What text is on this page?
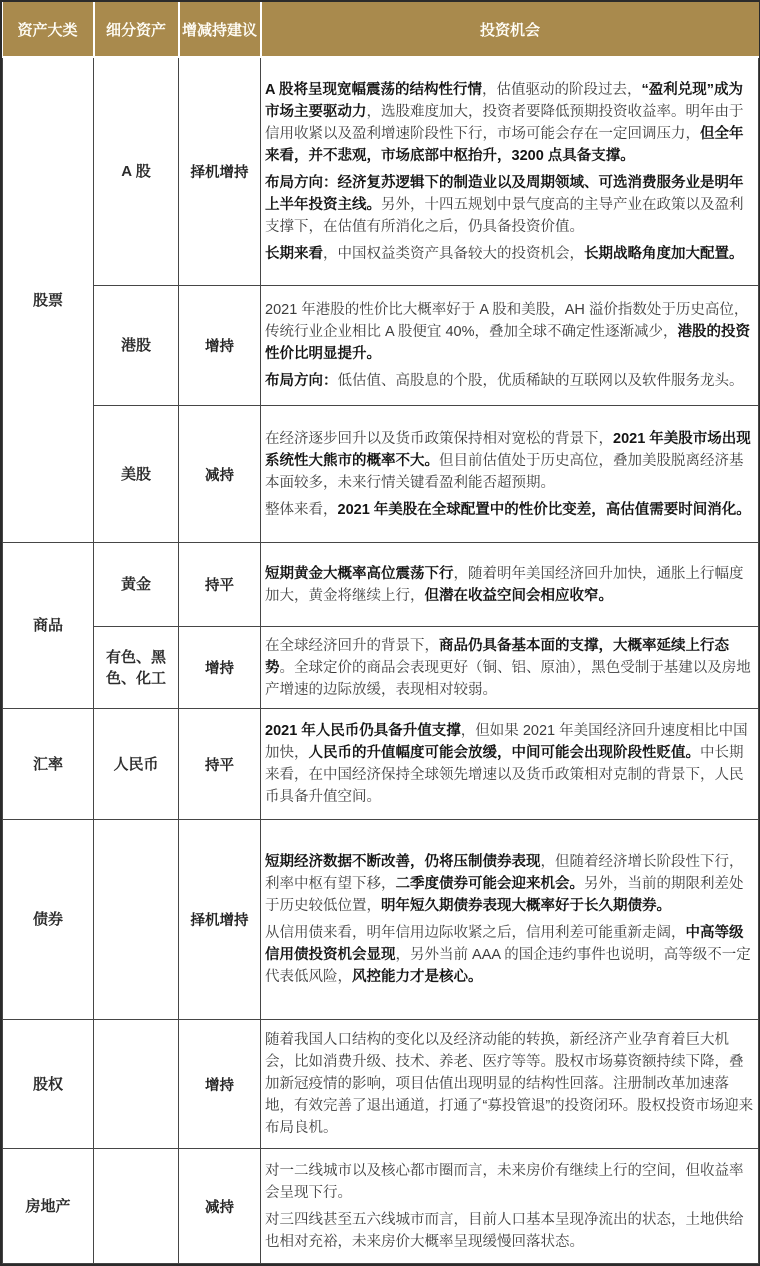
资产大类	细分资产	增减持建议	投资机会
股票	A 股	择机增持	A 股将呈现宽幅震荡的结构性行情，估值驱动的阶段过去，“盈利兑现”成为市场主要驱动力，选股难度加大，投资者要降低预期投资收益率。明年由于信用收紧以及盈利增速阶段性下行，市场可能会存在一定回调压力，但全年来看，并不悲观，市场底部中枢抬升，3200 点具备支撑。

布局方向：经济复苏逻辑下的制造业以及周期领域、可选消费服务业是明年上半年投资主线。另外，十四五规划中景气度高的主导产业在政策以及盈利支撑下，在估值有所消化之后，仍具备投资价值。

长期来看，中国权益类资产具备较大的投资机会，长期战略角度加大配置。

	港股	增持	2021 年港股的性价比大概率好于 A 股和美股，AH 溢价指数处于历史高位，传统行业企业相比 A 股便宜 40%，叠加全球不确定性逐渐减少，港股的投资性价比明显提升。

布局方向：低估值、高股息的个股，优质稀缺的互联网以及软件服务龙头。

	美股	减持	在经济逐步回升以及货币政策保持相对宽松的背景下，2021 年美股市场出现系统性大熊市的概率不大。但目前估值处于历史高位，叠加美股脱离经济基本面较多，未来行情关键看盈利能否超预期。

整体来看，2021 年美股在全球配置中的性价比变差，高估值需要时间消化。

商品	黄金	持平	短期黄金大概率高位震荡下行，随着明年美国经济回升加快，通胀上行幅度加大，黄金将继续上行，但潜在收益空间会相应收窄。

	有色、黑色、化工	增持	在全球经济回升的背景下，商品仍具备基本面的支撑，大概率延续上行态势。全球定价的商品会表现更好（铜、铝、原油），黑色受制于基建以及房地产增速的边际放缓，表现相对较弱。

汇率	人民币	持平	2021 年人民币仍具备升值支撑，但如果 2021 年美国经济回升速度相比中国加快，人民币的升值幅度可能会放缓，中间可能会出现阶段性贬值。中长期来看，在中国经济保持全球领先增速以及货币政策相对克制的背景下，人民币具备升值空间。

债券		择机增持	短期经济数据不断改善，仍将压制债券表现，但随着经济增长阶段性下行，利率中枢有望下移，二季度债券可能会迎来机会。另外，当前的期限利差处于历史较低位置，明年短久期债券表现大概率好于长久期债券。

从信用债来看，明年信用边际收紧之后，信用利差可能重新走阔，中高等级信用债投资机会显现，另外当前 AAA 的国企违约事件也说明，高等级不一定代表低风险，风控能力才是核心。

股权		增持	随着我国人口结构的变化以及经济动能的转换，新经济产业孕育着巨大机会，比如消费升级、技术、养老、医疗等等。股权市场募资额持续下降，叠加新冠疫情的影响，项目估值出现明显的结构性回落。注册制改革加速落地，有效完善了退出通道，打通了“募投管退”的投资闭环。股权投资市场迎来布局良机。

房地产		减持	对一二线城市以及核心都市圈而言，未来房价有继续上行的空间，但收益率会呈现下行。

对三四线甚至五六线城市而言，目前人口基本呈现净流出的状态，土地供给也相对充裕，未来房价大概率呈现缓慢回落状态。
